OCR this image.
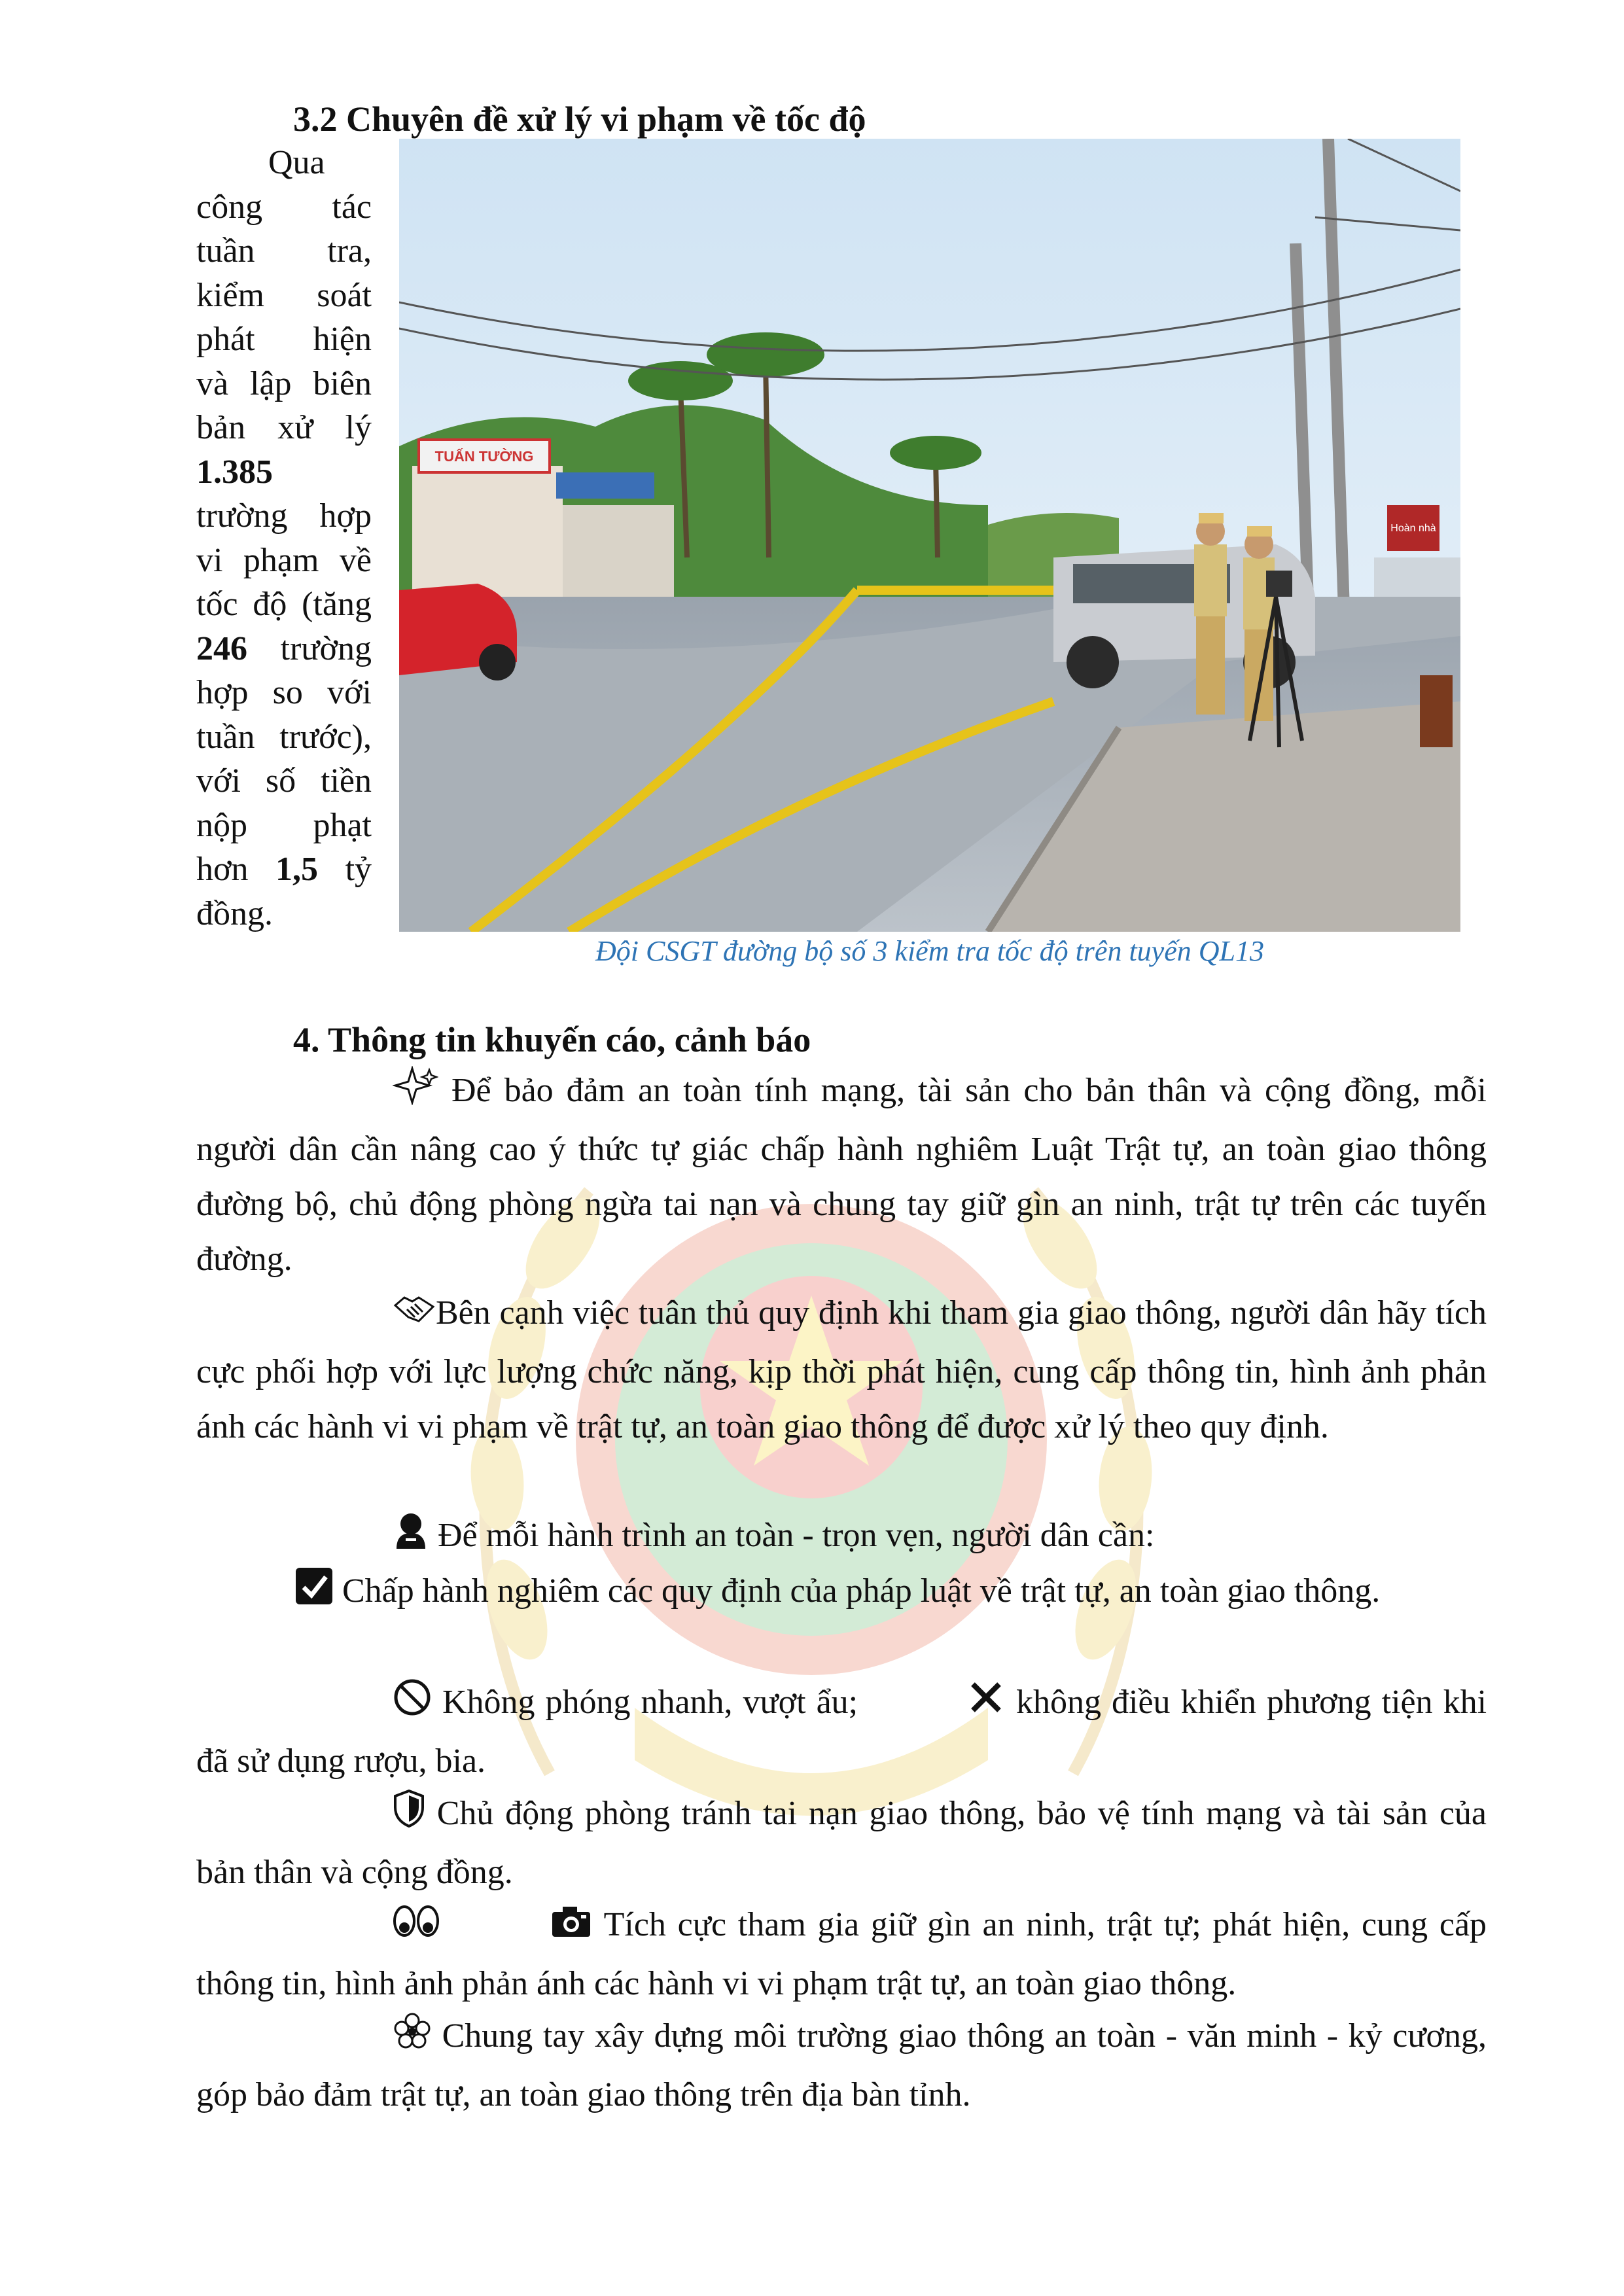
3.2 Chuyên đề xử lý vi phạm về tốc độ
Qua
công tác
tuần tra,
kiểm soát
phát hiện
và lập biên
bản xử lý
1.385
trường hợp
vi phạm về
tốc độ (tăng
246 trường
hợp so với
tuần trước),
với số tiền
nộp phạt
hơn 1,5 tỷ
đồng.
TUẤN TƯỜNG
Hoàn nhà
Đội CSGT đường bộ số 3 kiểm tra tốc độ trên tuyến QL13
4. Thông tin khuyến cáo, cảnh báo
Để bảo đảm an toàn tính mạng, tài sản cho bản thân và cộng đồng, mỗi người dân cần nâng cao ý thức tự giác chấp hành nghiêm Luật Trật tự, an toàn giao thông đường bộ, chủ động phòng ngừa tai nạn và chung tay giữ gìn an ninh, trật tự trên các tuyến đường.
Bên cạnh việc tuân thủ quy định khi tham gia giao thông, người dân hãy tích cực phối hợp với lực lượng chức năng, kịp thời phát hiện, cung cấp thông tin, hình ảnh phản ánh các hành vi vi phạm về trật tự, an toàn giao thông để được xử lý theo quy định.
Để mỗi hành trình an toàn - trọn vẹn, người dân cần:
Chấp hành nghiêm các quy định của pháp luật về trật tự, an toàn giao thông.
Không phóng nhanh, vượt ẩu;	không điều khiển phương tiện khi đã sử dụng rượu, bia.
Chủ động phòng tránh tai nạn giao thông, bảo vệ tính mạng và tài sản của bản thân và cộng đồng.
Tích cực tham gia giữ gìn an ninh, trật tự; phát hiện, cung cấp thông tin, hình ảnh phản ánh các hành vi vi phạm trật tự, an toàn giao thông.
Chung tay xây dựng môi trường giao thông an toàn - văn minh - kỷ cương, góp bảo đảm trật tự, an toàn giao thông trên địa bàn tỉnh.
